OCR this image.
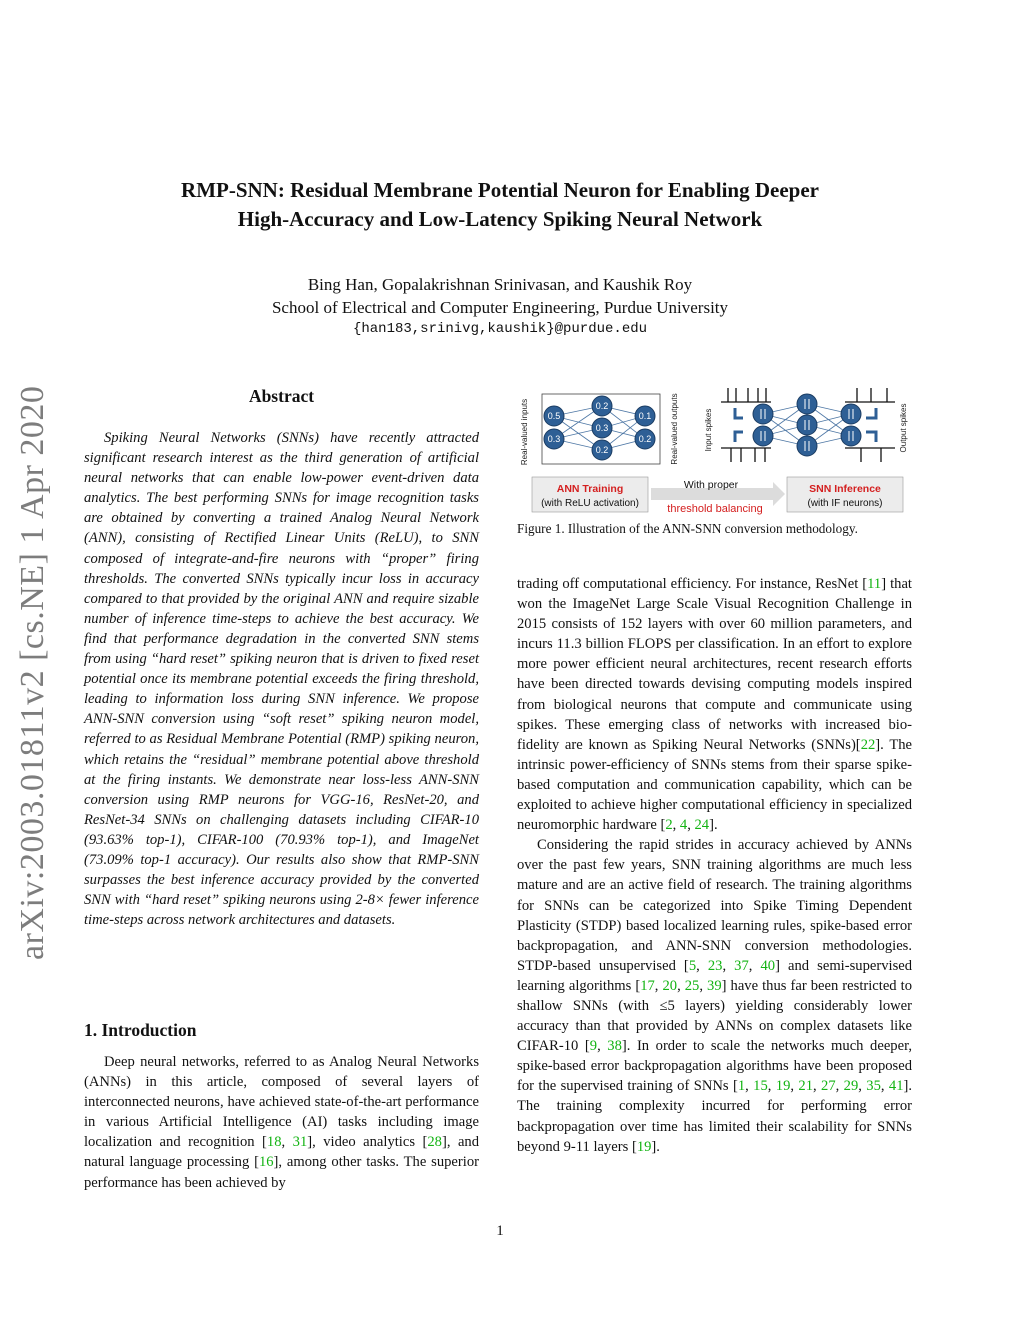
arXiv:2003.01811v2 [cs.NE] 1 Apr 2020
RMP-SNN: Residual Membrane Potential Neuron for Enabling Deeper
High-Accuracy and Low-Latency Spiking Neural Network
Bing Han, Gopalakrishnan Srinivasan, and Kaushik Roy
School of Electrical and Computer Engineering, Purdue University
{han183,srinivg,kaushik}@purdue.edu
Abstract
Spiking Neural Networks (SNNs) have recently attracted significant research interest as the third generation of artificial neural networks that can enable low-power event-driven data analytics. The best performing SNNs for image recognition tasks are obtained by converting a trained Analog Neural Network (ANN), consisting of Rectified Linear Units (ReLU), to SNN composed of integrate-and-fire neurons with “proper” firing thresholds. The converted SNNs typically incur loss in accuracy compared to that provided by the original ANN and require sizable number of inference time-steps to achieve the best accuracy. We find that performance degradation in the converted SNN stems from using “hard reset” spiking neuron that is driven to fixed reset potential once its membrane potential exceeds the firing threshold, leading to information loss during SNN inference. We propose ANN-SNN conversion using “soft reset” spiking neuron model, referred to as Residual Membrane Potential (RMP) spiking neuron, which retains the “residual” membrane potential above threshold at the firing instants. We demonstrate near loss-less ANN-SNN conversion using RMP neurons for VGG-16, ResNet-20, and ResNet-34 SNNs on challenging datasets including CIFAR-10 (93.63% top-1), CIFAR-100 (70.93% top-1), and ImageNet (73.09% top-1 accuracy). Our results also show that RMP-SNN surpasses the best inference accuracy provided by the converted SNN with “hard reset” spiking neurons using 2-8× fewer inference time-steps across network architectures and datasets.
1. Introduction
Deep neural networks, referred to as Analog Neural Networks (ANNs) in this article, composed of several layers of interconnected neurons, have achieved state-of-the-art performance in various Artificial Intelligence (AI) tasks including image localization and recognition [18, 31], video analytics [28], and natural language processing [16], among other tasks. The superior performance has been achieved by
0.5
0.3
0.2
0.3
0.2
0.1
0.2
Real-valued inputs	Real-valued outputs	Input spikes	Output spikes
ANN Training
(with ReLU activation)
With proper
threshold balancing
SNN Inference
(with IF neurons)
Figure 1. Illustration of the ANN-SNN conversion methodology.

trading off computational efficiency. For instance, ResNet [11] that won the ImageNet Large Scale Visual Recognition Challenge in 2015 consists of 152 layers with over 60 million parameters, and incurs 11.3 billion FLOPS per classification. In an effort to explore more power efficient neural architectures, recent research efforts have been directed towards devising computing models inspired from biological neurons that compute and communicate using spikes. These emerging class of networks with increased bio-fidelity are known as Spiking Neural Networks (SNNs)[22]. The intrinsic power-efficiency of SNNs stems from their sparse spike-based computation and communication capability, which can be exploited to achieve higher computational efficiency in specialized neuromorphic hardware [2, 4, 24].

Considering the rapid strides in accuracy achieved by ANNs over the past few years, SNN training algorithms are much less mature and are an active field of research. The training algorithms for SNNs can be categorized into Spike Timing Dependent Plasticity (STDP) based localized learning rules, spike-based error backpropagation, and ANN-SNN conversion methodologies. STDP-based unsupervised [5, 23, 37, 40] and semi-supervised learning algorithms [17, 20, 25, 39] have thus far been restricted to shallow SNNs (with ≤5 layers) yielding considerably lower accuracy than that provided by ANNs on complex datasets like CIFAR-10 [9, 38]. In order to scale the networks much deeper, spike-based error backpropagation algorithms have been proposed for the supervised training of SNNs [1, 15, 19, 21, 27, 29, 35, 41]. The training complexity incurred for performing error backpropagation over time has limited their scalability for SNNs beyond 9-11 layers [19].

1
